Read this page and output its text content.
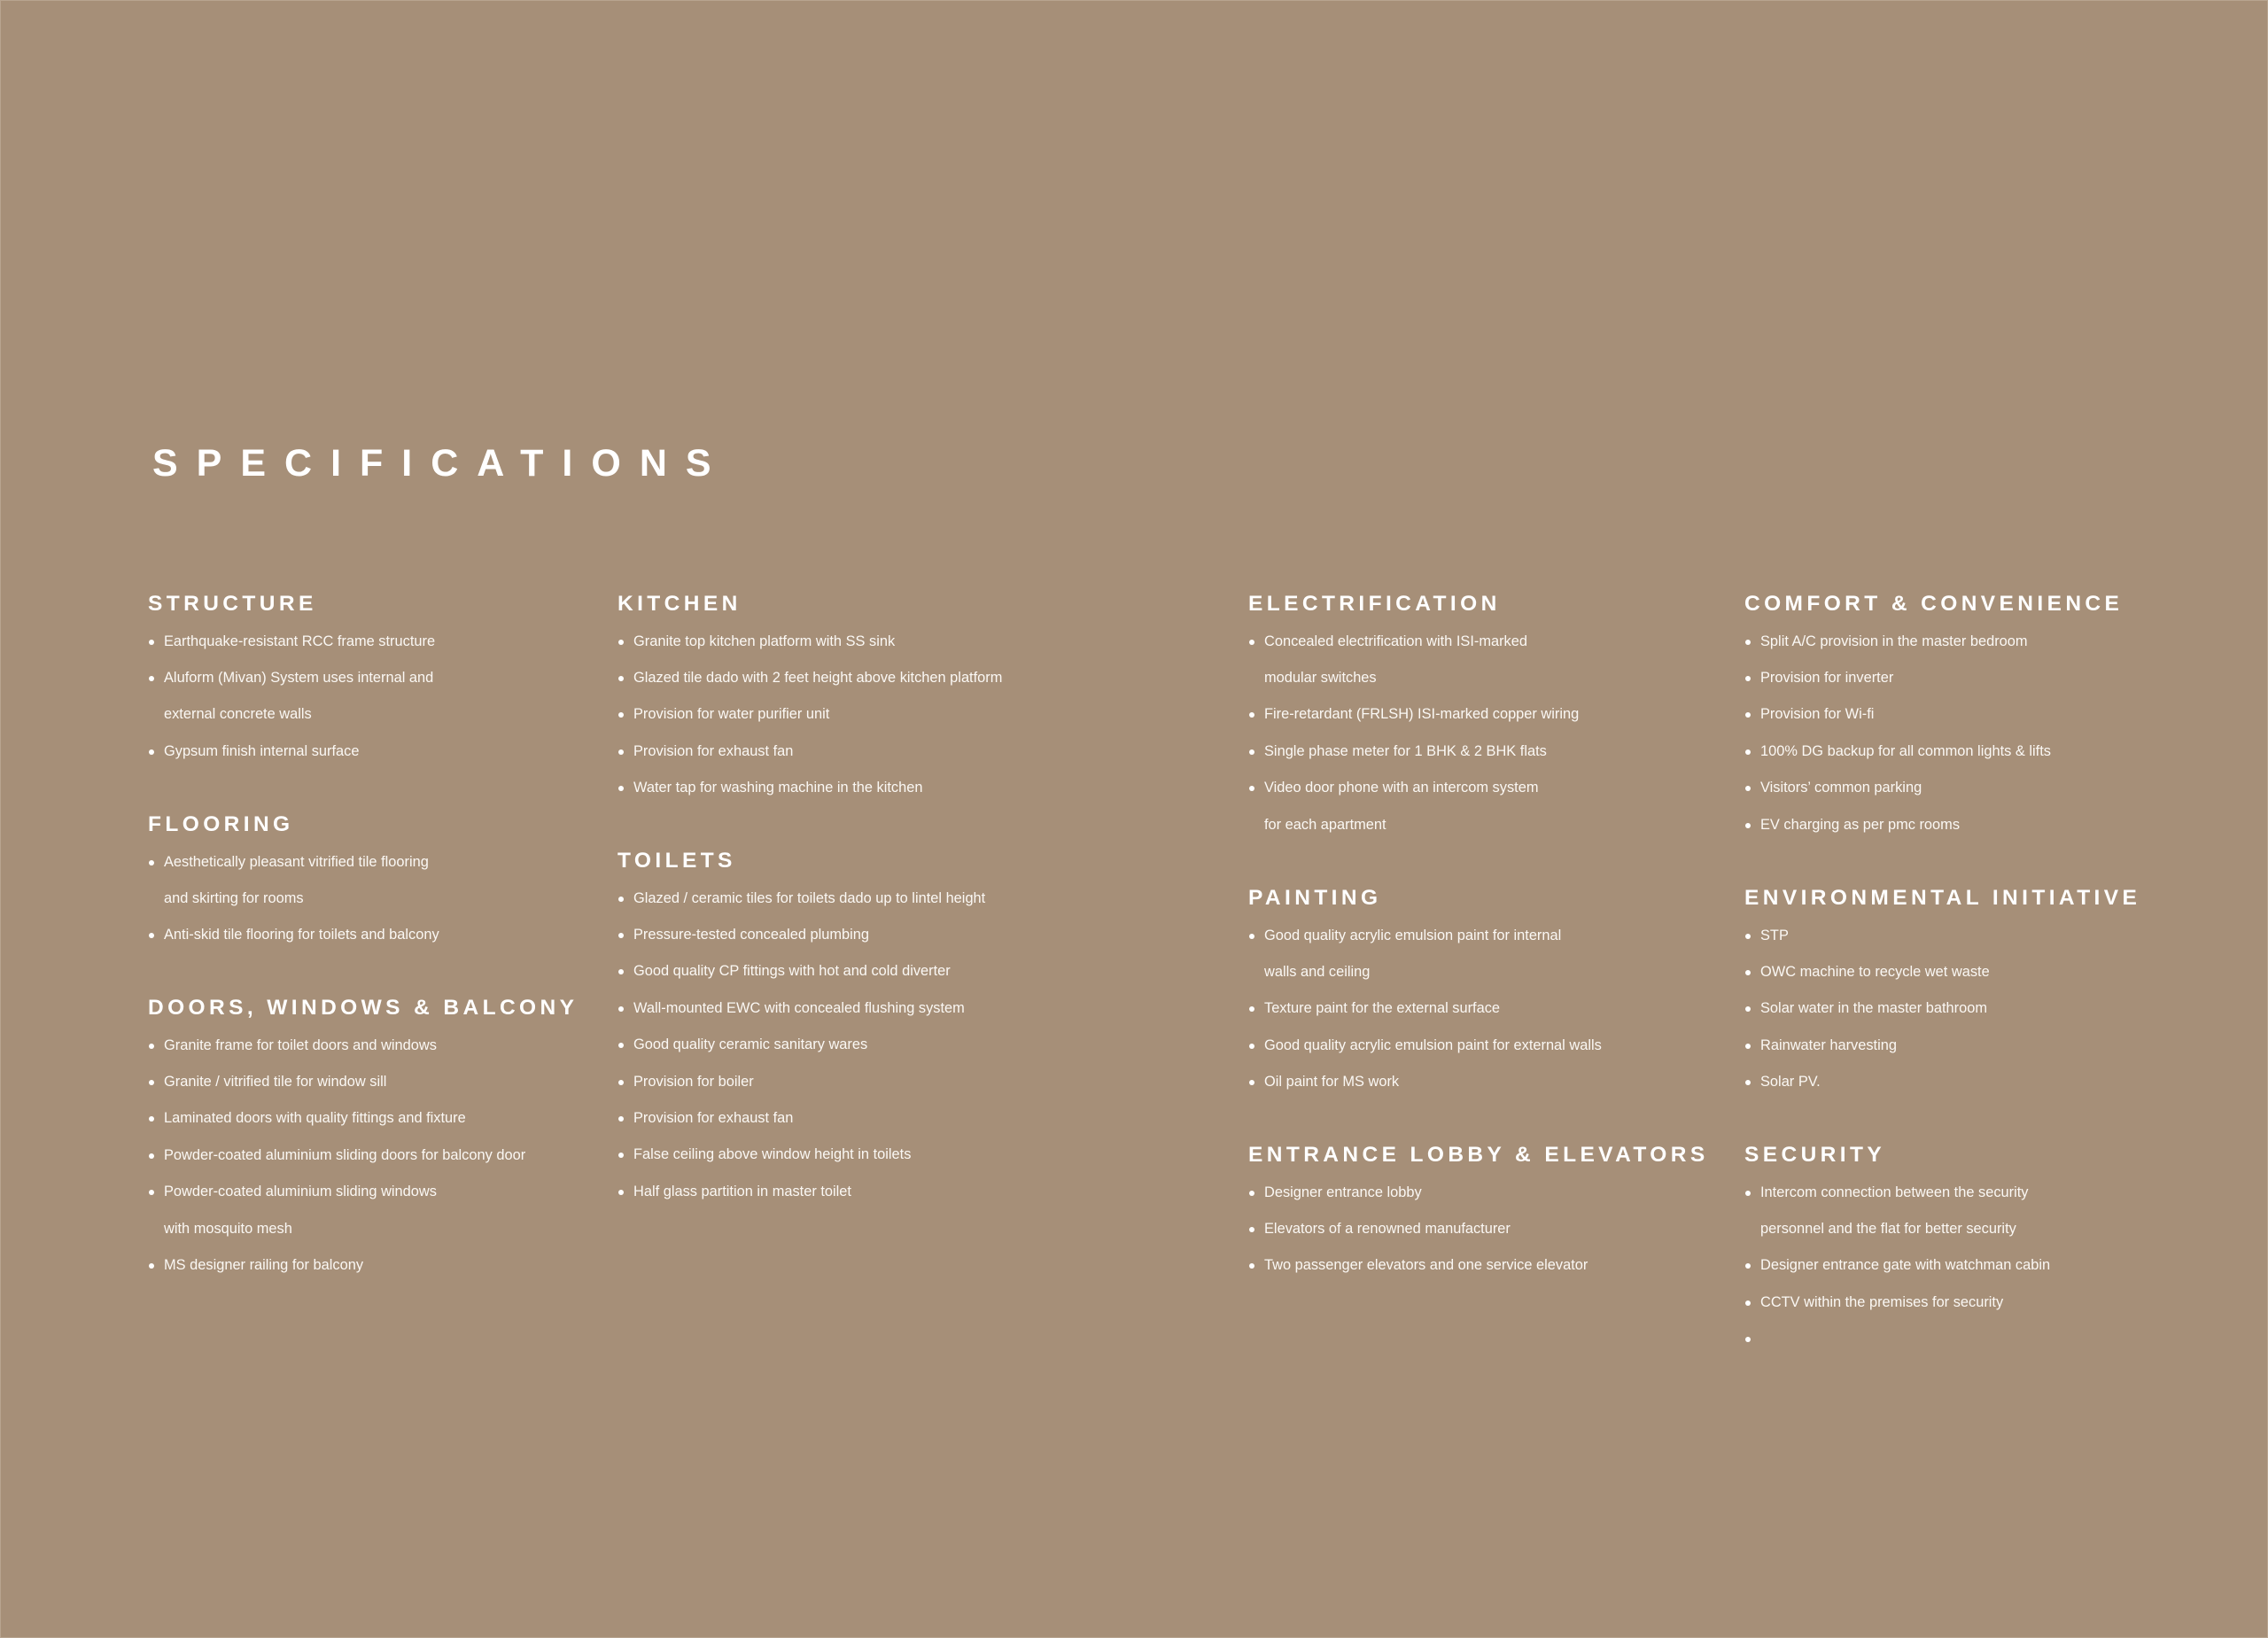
SPECIFICATIONS
STRUCTURE
Earthquake-resistant RCC frame structure
Aluform (Mivan) System uses internal and
external concrete walls
Gypsum finish internal surface
FLOORING
Aesthetically pleasant vitrified tile flooring
and skirting for rooms
Anti-skid tile flooring for toilets and balcony
DOORS, WINDOWS & BALCONY
Granite frame for toilet doors and windows
Granite / vitrified tile for window sill
Laminated doors with quality fittings and fixture
Powder-coated aluminium sliding doors for balcony door
Powder-coated aluminium sliding windows
with mosquito mesh
MS designer railing for balcony
KITCHEN
Granite top kitchen platform with SS sink
Glazed tile dado with 2 feet height above kitchen platform
Provision for water purifier unit
Provision for exhaust fan
Water tap for washing machine in the kitchen
TOILETS
Glazed / ceramic tiles for toilets dado up to lintel height
Pressure-tested concealed plumbing
Good quality CP fittings with hot and cold diverter
Wall-mounted EWC with concealed flushing system
Good quality ceramic sanitary wares
Provision for boiler
Provision for exhaust fan
False ceiling above window height in toilets
Half glass partition in master toilet
ELECTRIFICATION
Concealed electrification with ISI-marked
modular switches
Fire-retardant (FRLSH) ISI-marked copper wiring
Single phase meter for 1 BHK & 2 BHK flats
Video door phone with an intercom system
for each apartment
PAINTING
Good quality acrylic emulsion paint for internal
walls and ceiling
Texture paint for the external surface
Good quality acrylic emulsion paint for external walls
Oil paint for MS work
ENTRANCE LOBBY & ELEVATORS
Designer entrance lobby
Elevators of a renowned manufacturer
Two passenger elevators and one service elevator
COMFORT & CONVENIENCE
Split A/C provision in the master bedroom
Provision for inverter
Provision for Wi-fi
100% DG backup for all common lights & lifts
Visitors’ common parking
EV charging as per pmc rooms
ENVIRONMENTAL INITIATIVE
STP
OWC machine to recycle wet waste
Solar water in the master bathroom
Rainwater harvesting
Solar PV.
SECURITY
Intercom connection between the security
personnel and the flat for better security
Designer entrance gate with watchman cabin
CCTV within the premises for security
